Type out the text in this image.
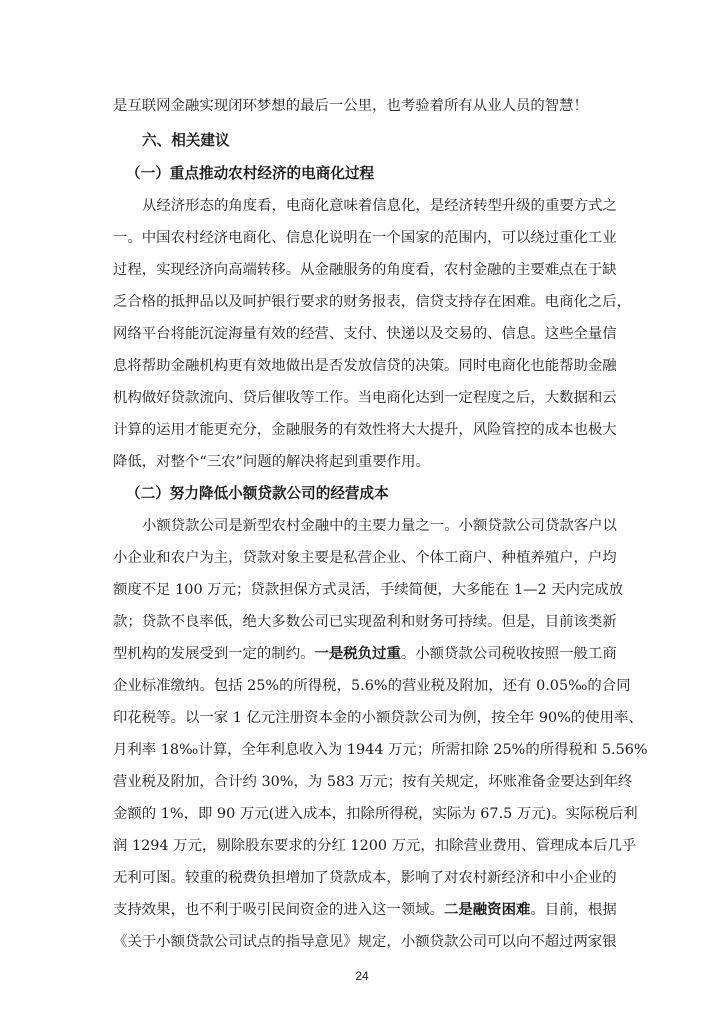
是互联网金融实现闭环梦想的最后一公里，也考验着所有从业人员的智慧！
六、相关建议
（一）重点推动农村经济的电商化过程
从经济形态的角度看，电商化意味着信息化，是经济转型升级的重要方式之
一。中国农村经济电商化、信息化说明在一个国家的范围内，可以绕过重化工业
过程，实现经济向高端转移。从金融服务的角度看，农村金融的主要难点在于缺
乏合格的抵押品以及呵护银行要求的财务报表，信贷支持存在困难。电商化之后，
网络平台将能沉淀海量有效的经营、支付、快递以及交易的、信息。这些全量信
息将帮助金融机构更有效地做出是否发放信贷的决策。同时电商化也能帮助金融
机构做好贷款流向、贷后催收等工作。当电商化达到一定程度之后，大数据和云
计算的运用才能更充分，金融服务的有效性将大大提升，风险管控的成本也极大
降低，对整个“三农”问题的解决将起到重要作用。
（二）努力降低小额贷款公司的经营成本
小额贷款公司是新型农村金融中的主要力量之一。小额贷款公司贷款客户以
小企业和农户为主，贷款对象主要是私营企业、个体工商户、种植养殖户，户均
额度不足 100 万元；贷款担保方式灵活，手续简便，大多能在 1—2 天内完成放
款；贷款不良率低，绝大多数公司已实现盈利和财务可持续。但是，目前该类新
型机构的发展受到一定的制约。一是税负过重。小额贷款公司税收按照一般工商
企业标准缴纳。包括 25%的所得税，5.6%的营业税及附加，还有 0.05‰的合同
印花税等。以一家 1 亿元注册资本金的小额贷款公司为例，按全年 90%的使用率、
月利率 18‰计算，全年利息收入为 1944 万元；所需扣除 25%的所得税和 5.56%
营业税及附加，合计约 30%，为 583 万元；按有关规定，坏账准备金要达到年终
金额的 1%，即 90 万元(进入成本，扣除所得税，实际为 67.5 万元)。实际税后利
润 1294 万元，剔除股东要求的分红 1200 万元，扣除营业费用、管理成本后几乎
无利可图。较重的税费负担增加了贷款成本，影响了对农村新经济和中小企业的
支持效果，也不利于吸引民间资金的进入这一领域。二是融资困难。目前，根据
《关于小额贷款公司试点的指导意见》规定，小额贷款公司可以向不超过两家银
24
